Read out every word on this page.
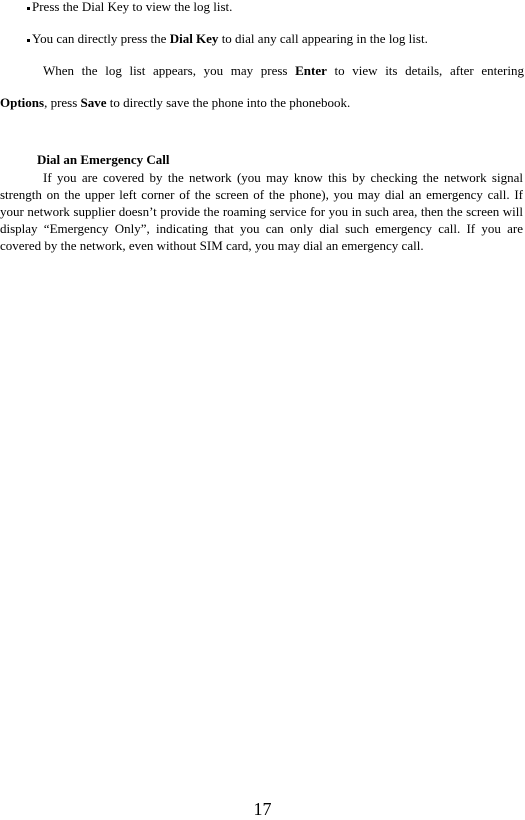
Press the Dial Key to view the log list.
You can directly press the Dial Key to dial any call appearing in the log list.
When the log list appears, you may press Enter to view its details, after entering
Options, press Save to directly save the phone into the phonebook.
Dial an Emergency Call
If you are covered by the network (you may know this by checking the network signal strength on the upper left corner of the screen of the phone), you may dial an emergency call. If your network supplier doesn’t provide the roaming service for you in such area, then the screen will display “Emergency Only”, indicating that you can only dial such emergency call. If you are covered by the network, even without SIM card, you may dial an emergency call.
17
